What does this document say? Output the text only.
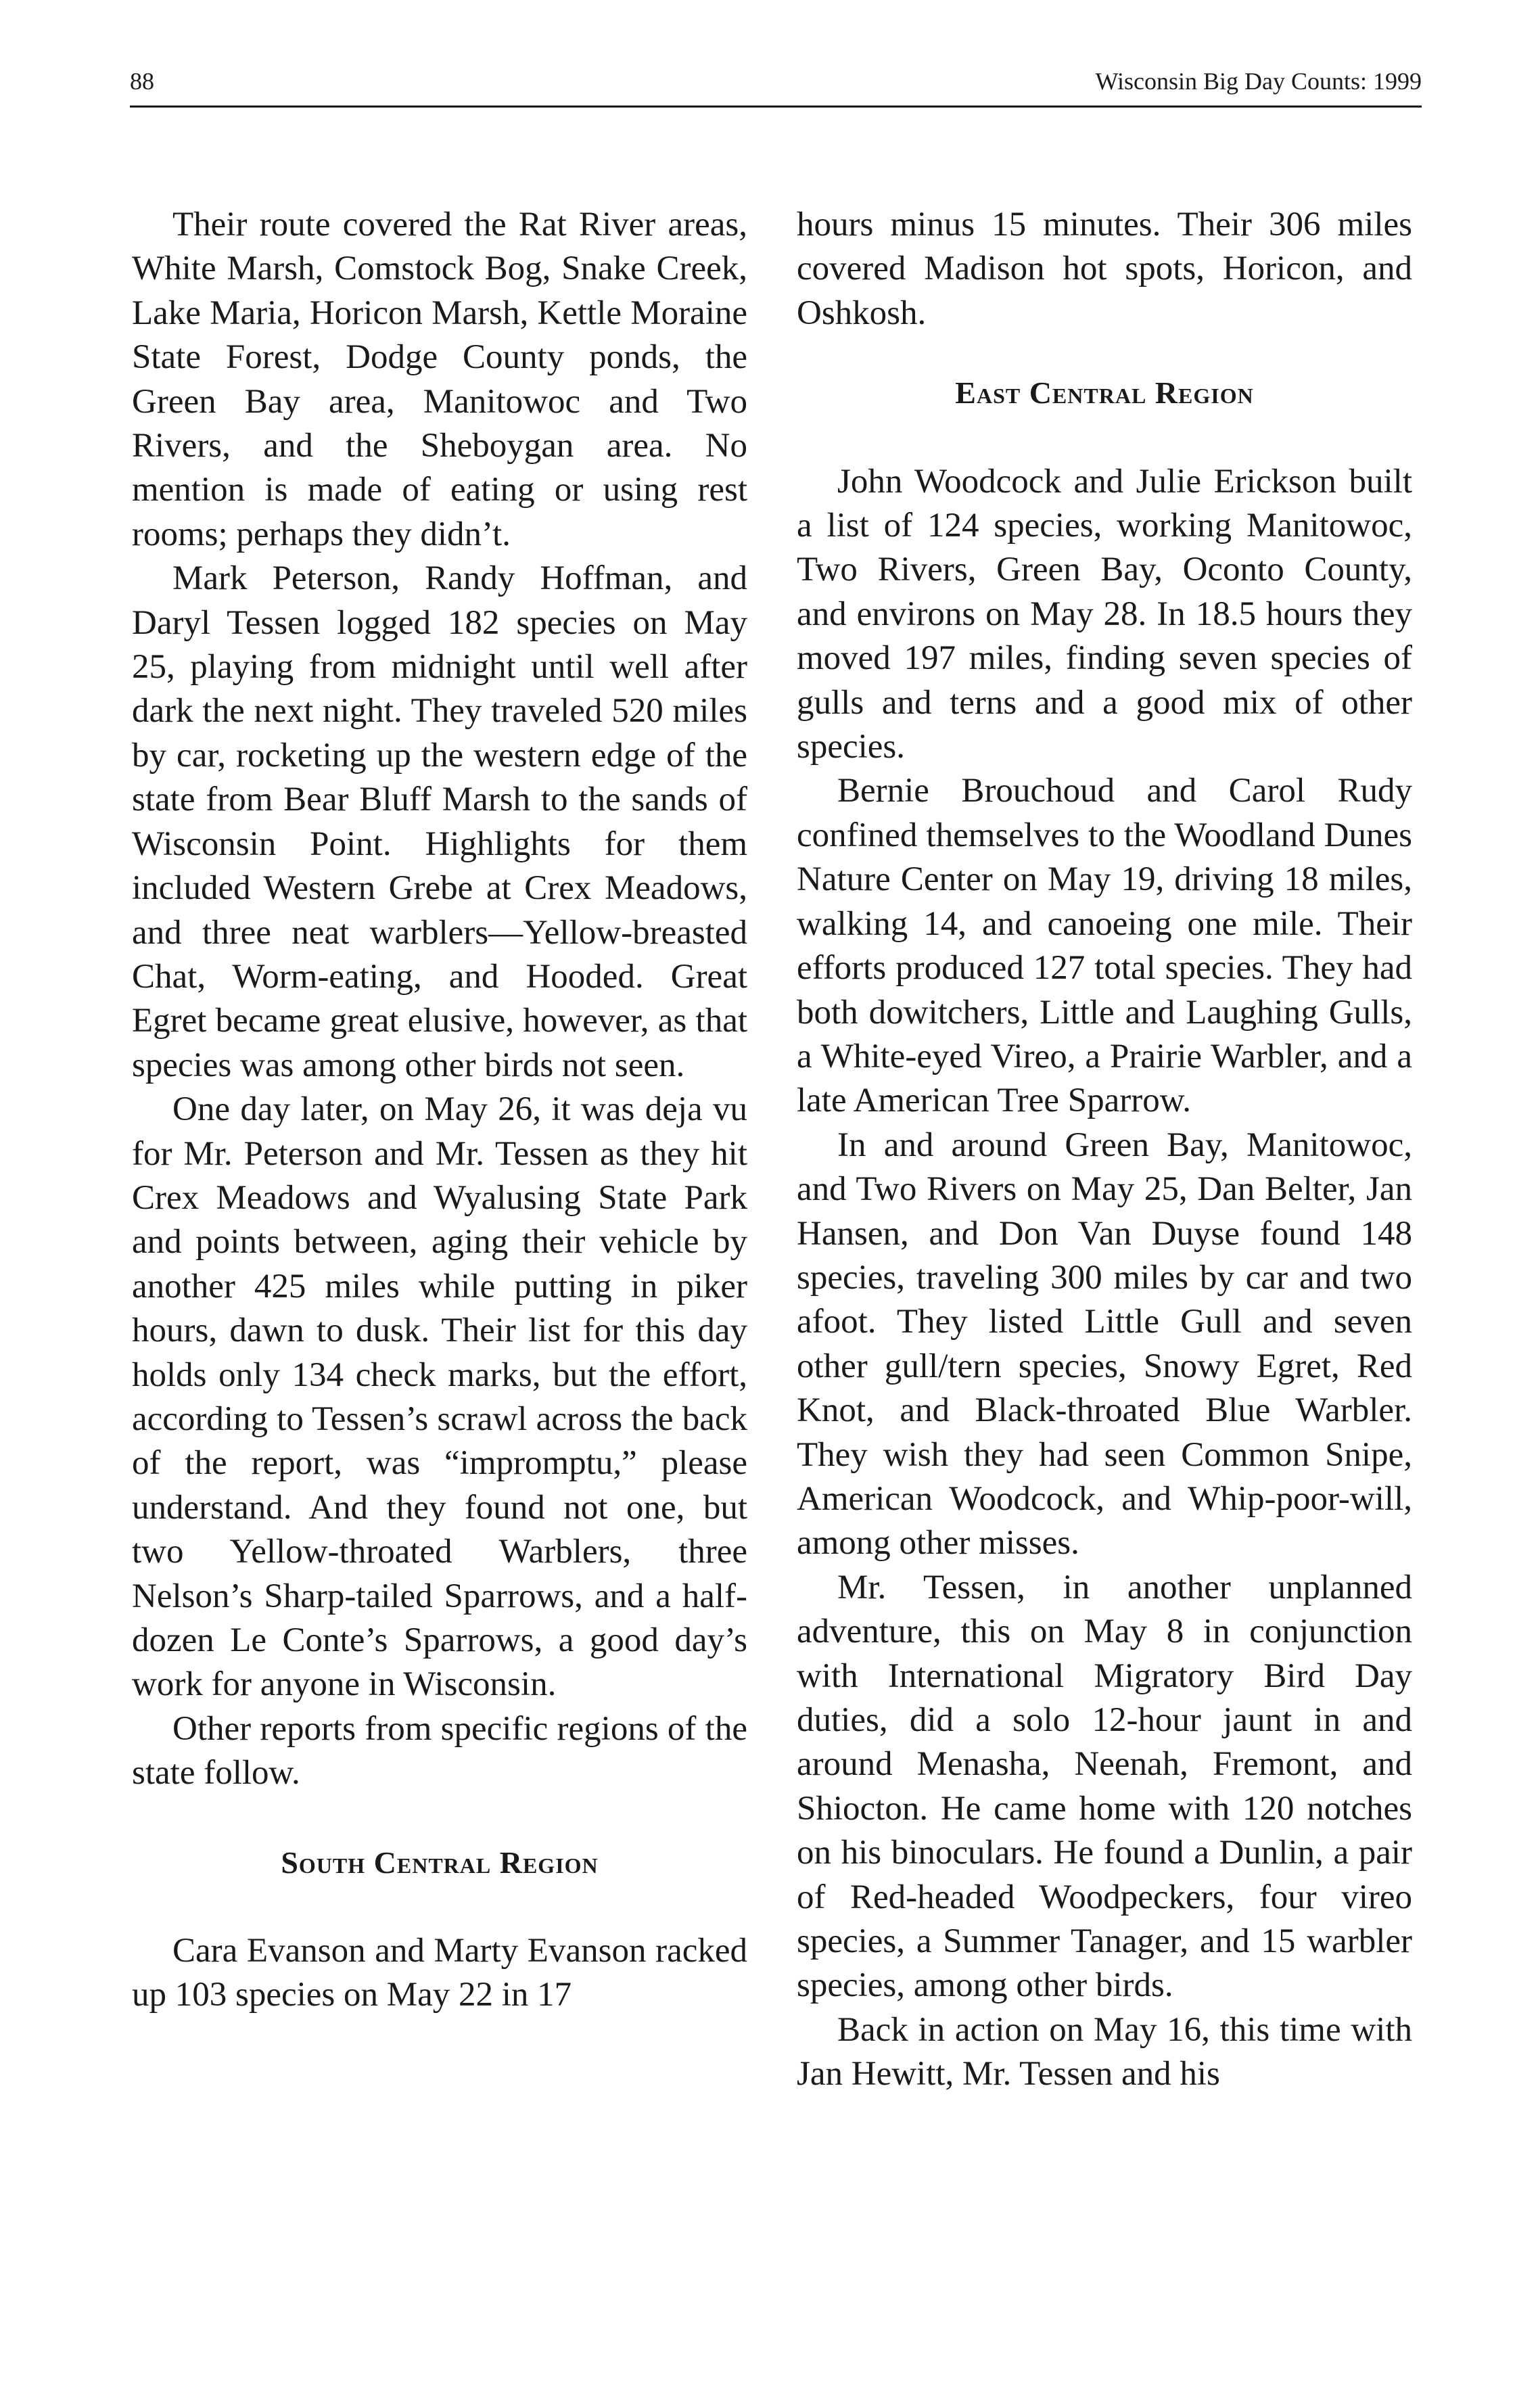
88	Wisconsin Big Day Counts: 1999

Their route covered the Rat River areas, White Marsh, Comstock Bog, Snake Creek, Lake Maria, Horicon Marsh, Kettle Moraine State Forest, Dodge County ponds, the Green Bay area, Manitowoc and Two Rivers, and the Sheboygan area. No mention is made of eating or using rest rooms; perhaps they didn’t.

Mark Peterson, Randy Hoffman, and Daryl Tessen logged 182 species on May 25, playing from midnight until well after dark the next night. They traveled 520 miles by car, rocketing up the western edge of the state from Bear Bluff Marsh to the sands of Wisconsin Point. Highlights for them included Western Grebe at Crex Meadows, and three neat warblers—Yellow-breasted Chat, Worm-eating, and Hooded. Great Egret became great elusive, however, as that species was among other birds not seen.

One day later, on May 26, it was deja vu for Mr. Peterson and Mr. Tessen as they hit Crex Meadows and Wyalusing State Park and points between, aging their vehicle by another 425 miles while putting in piker hours, dawn to dusk. Their list for this day holds only 134 check marks, but the effort, according to Tessen’s scrawl across the back of the report, was “impromptu,” please understand. And they found not one, but two Yellow-throated Warblers, three Nelson’s Sharp-tailed Sparrows, and a half-dozen Le Conte’s Sparrows, a good day’s work for anyone in Wisconsin.

Other reports from specific regions of the state follow.

South Central Region

Cara Evanson and Marty Evanson racked up 103 species on May 22 in 17

hours minus 15 minutes. Their 306 miles covered Madison hot spots, Horicon, and Oshkosh.

East Central Region

John Woodcock and Julie Erickson built a list of 124 species, working Manitowoc, Two Rivers, Green Bay, Oconto County, and environs on May 28. In 18.5 hours they moved 197 miles, finding seven species of gulls and terns and a good mix of other species.

Bernie Brouchoud and Carol Rudy confined themselves to the Woodland Dunes Nature Center on May 19, driving 18 miles, walking 14, and canoeing one mile. Their efforts produced 127 total species. They had both dowitchers, Little and Laughing Gulls, a White-eyed Vireo, a Prairie Warbler, and a late American Tree Sparrow.

In and around Green Bay, Manitowoc, and Two Rivers on May 25, Dan Belter, Jan Hansen, and Don Van Duyse found 148 species, traveling 300 miles by car and two afoot. They listed Little Gull and seven other gull/tern species, Snowy Egret, Red Knot, and Black-throated Blue Warbler. They wish they had seen Common Snipe, American Woodcock, and Whip-poor-will, among other misses.

Mr. Tessen, in another unplanned adventure, this on May 8 in conjunction with International Migratory Bird Day duties, did a solo 12-hour jaunt in and around Menasha, Neenah, Fremont, and Shiocton. He came home with 120 notches on his binoculars. He found a Dunlin, a pair of Red-headed Woodpeckers, four vireo species, a Summer Tanager, and 15 warbler species, among other birds.

Back in action on May 16, this time with Jan Hewitt, Mr. Tessen and his
